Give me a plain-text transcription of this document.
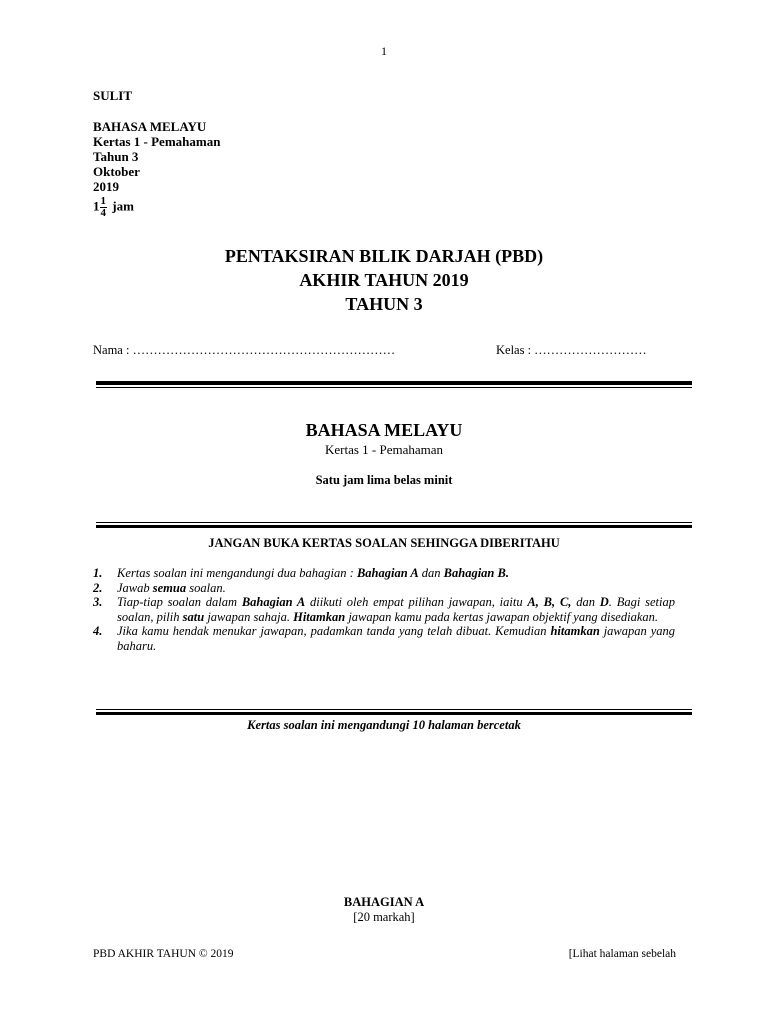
1
SULIT
BAHASA MELAYU
Kertas 1 - Pemahaman
Tahun 3
Oktober
2019
$1 \frac{1}{4}$ jam
PENTAKSIRAN BILIK DARJAH (PBD)
AKHIR TAHUN 2019
TAHUN 3
Nama : ………………………………………………………	Kelas : ………………………
BAHASA MELAYU
Kertas 1 - Pemahaman
Satu jam lima belas minit
JANGAN BUKA KERTAS SOALAN SEHINGGA DIBERITAHU
1.	Kertas soalan ini mengandungi dua bahagian : Bahagian A dan Bahagian B.
2.	Jawab semua soalan.
3.	Tiap-tiap soalan dalam Bahagian A diikuti oleh empat pilihan jawapan, iaitu A, B, C, dan D. Bagi setiap soalan, pilih satu jawapan sahaja. Hitamkan jawapan kamu pada kertas jawapan objektif yang disediakan.
4.	Jika kamu hendak menukar jawapan, padamkan tanda yang telah dibuat. Kemudian hitamkan jawapan yang baharu.
Kertas soalan ini mengandungi 10 halaman bercetak
BAHAGIAN A
[20 markah]
PBD AKHIR TAHUN © 2019	[Lihat halaman sebelah
